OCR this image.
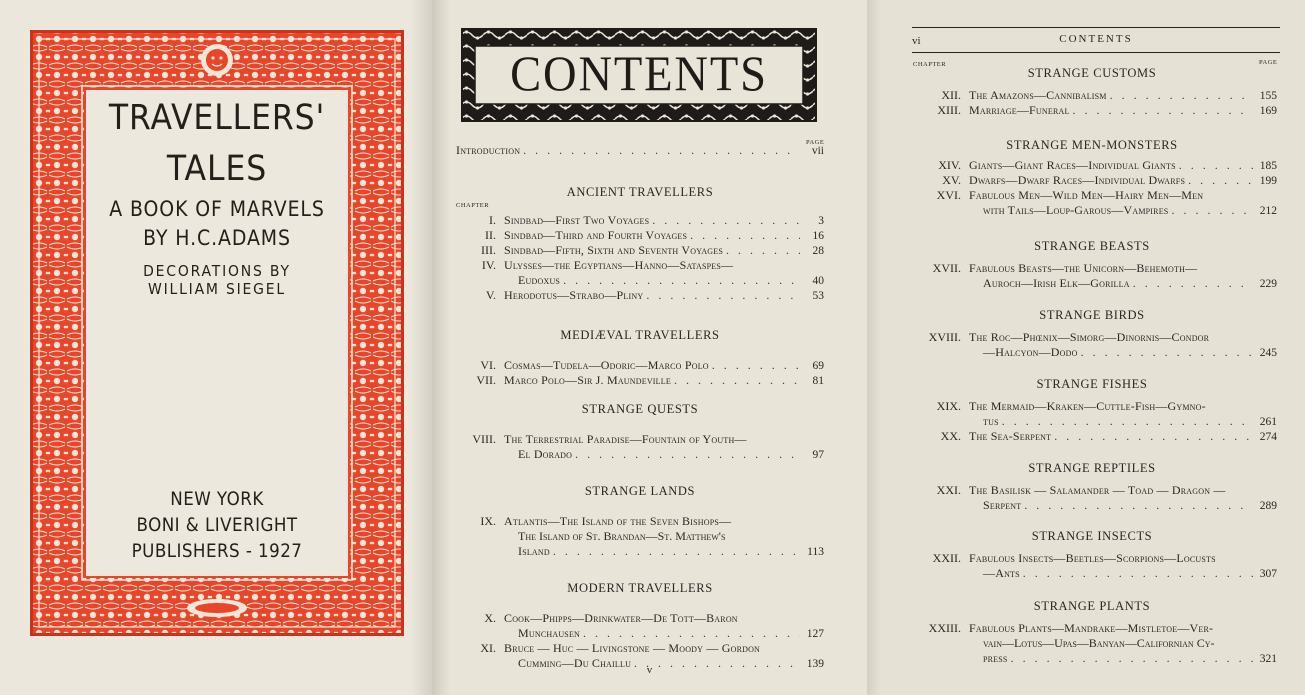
TRAVELLERS'
TALES
A BOOK OF MARVELS
BY H.C.ADAMS
DECORATIONS BY
WILLIAM SIEGEL
NEW YORK
BONI & LIVERIGHT
PUBLISHERS - 1927
CONTENTS
PAGE
Introduction . . .	vii
CHAPTER
ANCIENT TRAVELLERS
I. Sindbad—First Two Voyages . . .	3
II. Sindbad—Third and Fourth Voyages . . .	16
III. Sindbad—Fifth, Sixth and Seventh Voyages . . .	28
IV. Ulysses—the Egyptians—Hanno—Sataspes—
Eudoxus . . .	40
V. Herodotus—Strabo—Pliny . . .	53
MEDIÆVAL TRAVELLERS
VI. Cosmas—Tudela—Odoric—Marco Polo . . .	69
VII. Marco Polo—Sir J. Maundeville . . .	81
STRANGE QUESTS
VIII. The Terrestrial Paradise—Fountain of Youth—
El Dorado . . .	97
STRANGE LANDS
IX. Atlantis—The Island of the Seven Bishops—
The Island of St. Brandan—St. Matthew's
Island . . .	113
MODERN TRAVELLERS
X. Cook—Phipps—Drinkwater—De Tott—Baron
Munchausen . . .	127
XI. Bruce — Huc — Livingstone — Moody — Gordon
Cumming—Du Chaillu . . .	139
v
vi	CONTENTS
CHAPTER	PAGE
STRANGE CUSTOMS
XII. The Amazons—Cannibalism . . .	155
XIII. Marriage—Funeral . . .	169
STRANGE MEN-MONSTERS
XIV. Giants—Giant Races—Individual Giants . . .	185
XV. Dwarfs—Dwarf Races—Individual Dwarfs . . .	199
XVI. Fabulous Men—Wild Men—Hairy Men—Men
with Tails—Loup-Garous—Vampires . . .	212
STRANGE BEASTS
XVII. Fabulous Beasts—the Unicorn—Behemoth—
Auroch—Irish Elk—Gorilla . . .	229
STRANGE BIRDS
XVIII. The Roc—Phœnix—Simorg—Dinornis—Condor
—Halcyon—Dodo . . .	245
STRANGE FISHES
XIX. The Mermaid—Kraken—Cuttle-Fish—Gymno-
tus . . .	261
XX. The Sea-Serpent . . .	274
STRANGE REPTILES
XXI. The Basilisk — Salamander — Toad — Dragon —
Serpent . . .	289
STRANGE INSECTS
XXII. Fabulous Insects—Beetles—Scorpions—Locusts
—Ants . . .	307
STRANGE PLANTS
XXIII. Fabulous Plants—Mandrake—Mistletoe—Ver-
vain—Lotus—Upas—Banyan—Californian Cy-
press . . .	321
